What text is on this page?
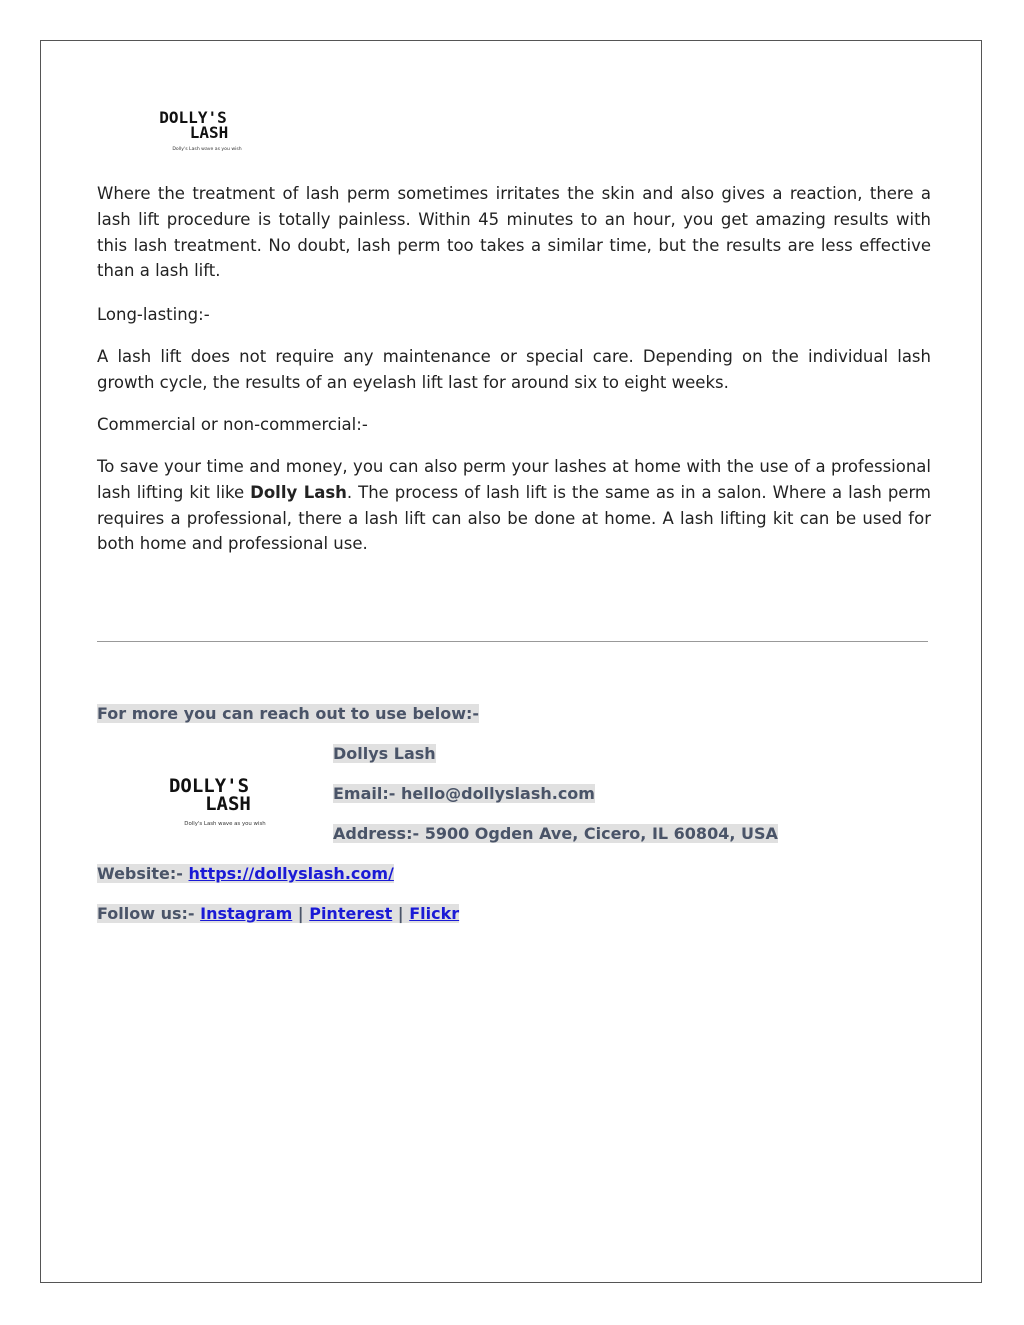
DOLLY'S
LASH
Dolly's Lash wave as you wish

Where the treatment of lash perm sometimes irritates the skin and also gives a reaction, there a lash lift procedure is totally painless. Within 45 minutes to an hour, you get amazing results with this lash treatment. No doubt, lash perm too takes a similar time, but the results are less effective than a lash lift.

Long-lasting:-

A lash lift does not require any maintenance or special care. Depending on the individual lash growth cycle, the results of an eyelash lift last for around six to eight weeks.

Commercial or non-commercial:-

To save your time and money, you can also perm your lashes at home with the use of a professional lash lifting kit like Dolly Lash. The process of lash lift is the same as in a salon. Where a lash perm requires a professional, there a lash lift can also be done at home. A lash lifting kit can be used for both home and professional use.

For more you can reach out to use below:-
DOLLY'S
LASH
Dolly's Lash wave as you wish
Dollys Lash
Email:- hello@dollyslash.com
Address:- 5900 Ogden Ave, Cicero, IL 60804, USA
Website:- https://dollyslash.com/
Follow us:- Instagram | Pinterest | Flickr
